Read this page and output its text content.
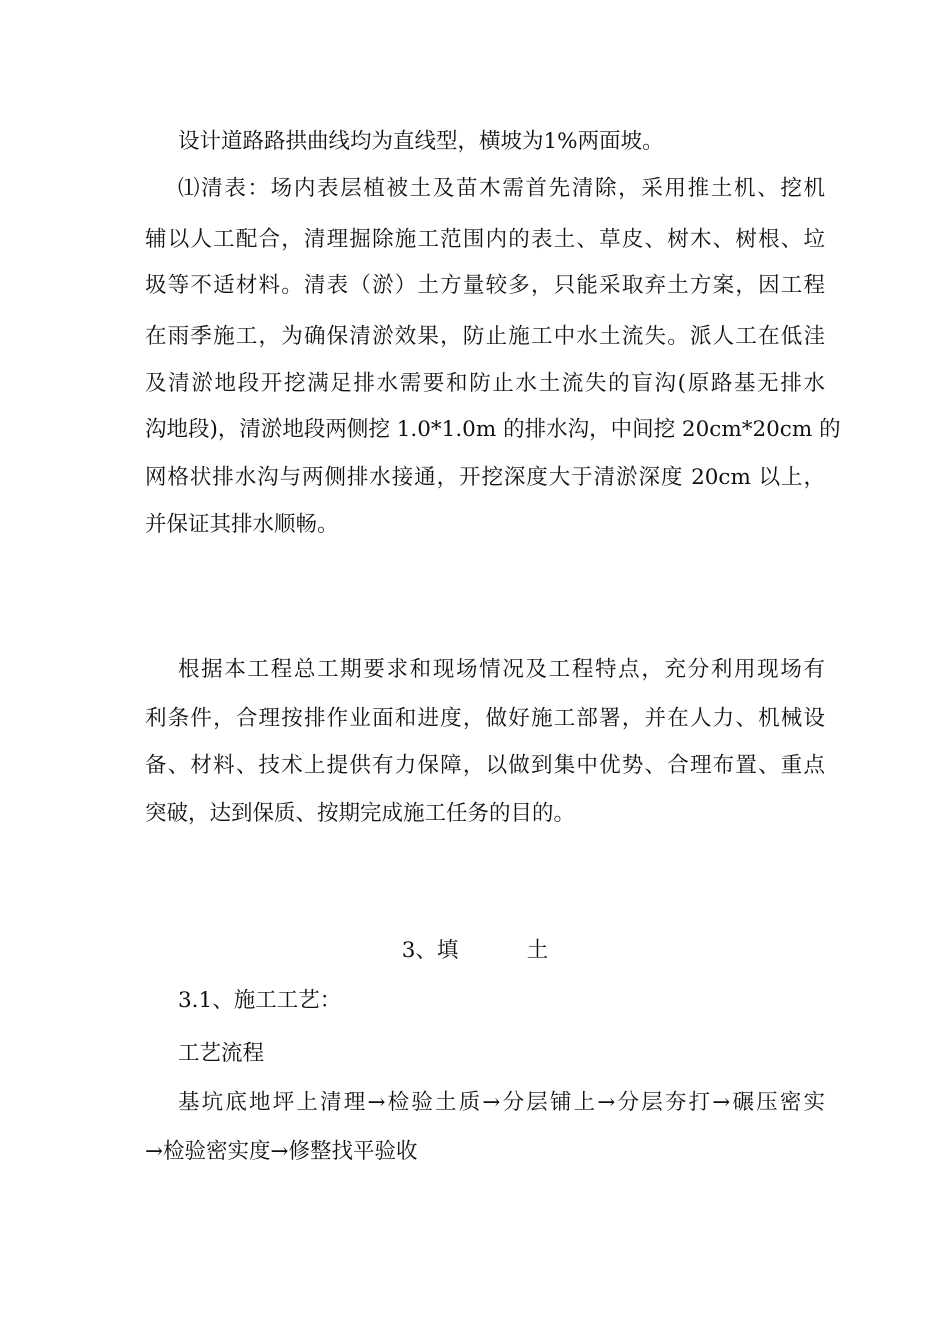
设计道路路拱曲线均为直线型，横坡为1%两面坡。
⑴清表：场内表层植被土及苗木需首先清除，采用推土机、挖机
辅以人工配合，清理掘除施工范围内的表土、草皮、树木、树根、垃
圾等不适材料。清表（淤）土方量较多，只能采取弃土方案，因工程
在雨季施工，为确保清淤效果，防止施工中水土流失。派人工在低洼
及清淤地段开挖满足排水需要和防止水土流失的盲沟(原路基无排水
沟地段)，清淤地段两侧挖 1.0*1.0m 的排水沟，中间挖 20cm*20cm 的
网格状排水沟与两侧排水接通，开挖深度大于清淤深度 20cm 以上，
并保证其排水顺畅。
根据本工程总工期要求和现场情况及工程特点，充分利用现场有
利条件，合理按排作业面和进度，做好施工部署，并在人力、机械设
备、材料、技术上提供有力保障，以做到集中优势、合理布置、重点
突破，达到保质、按期完成施工任务的目的。
3、填          土
3.1、施工工艺：
工艺流程
基坑底地坪上清理→检验土质→分层铺上→分层夯打→碾压密实
→检验密实度→修整找平验收
